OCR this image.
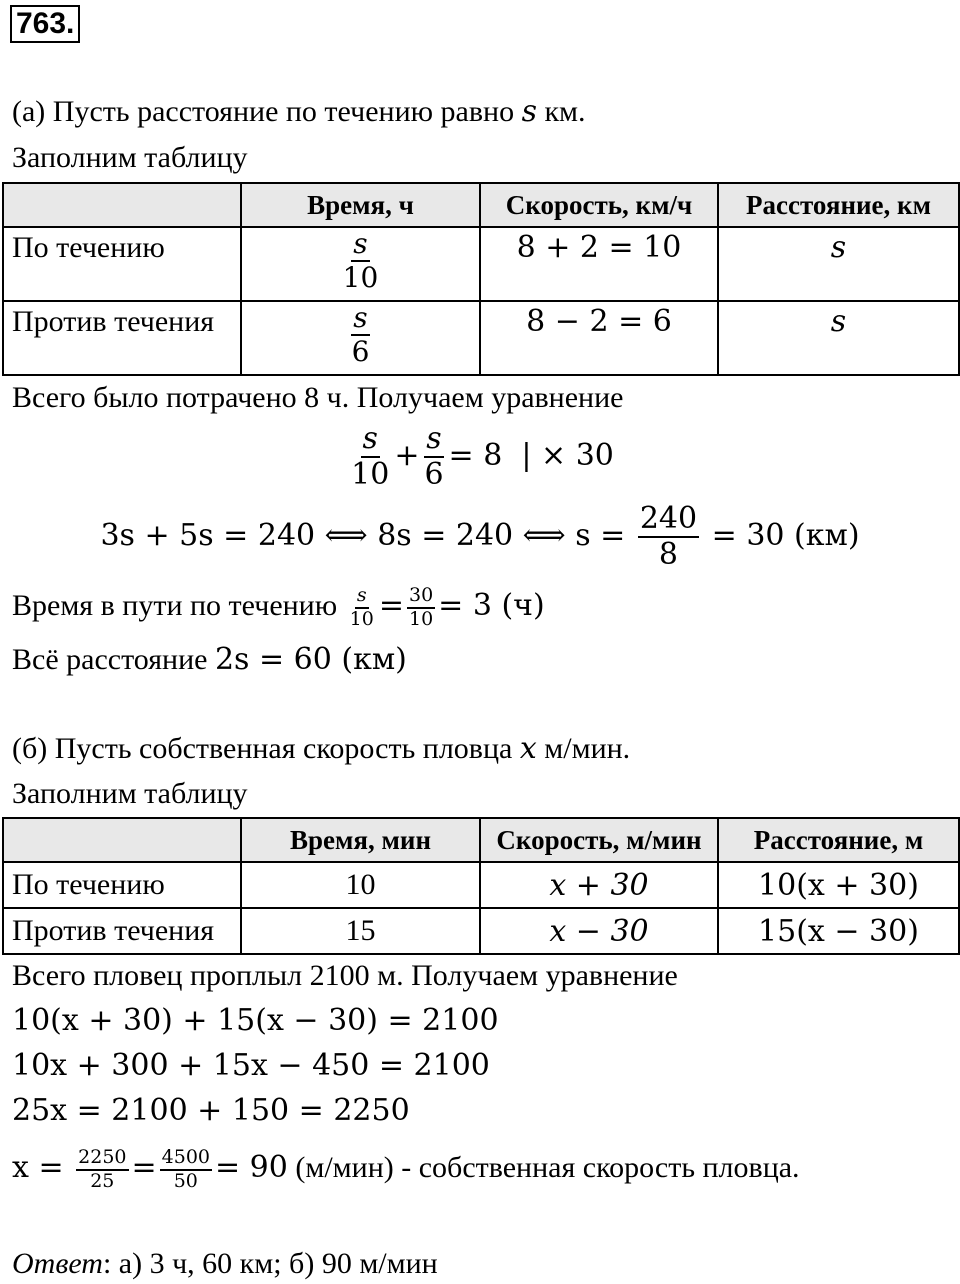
763.
(а) Пусть расстояние по течению равно s км.
Заполним таблицу
	Время, ч	Скорость, км/ч	Расстояние, км

По течению	$\frac{s}{10}$	8 + 2 = 10	s

Против течения	$\frac{s}{6}$	8 − 2 = 6	s
Всего было потрачено 8 ч. Получаем уравнение
$\frac{s}{10} + \frac{s}{6} = 8$  | × 30
3s + 5s = 240 ⟺ 8s = 240 ⟺ $s = \frac{240}{8} = 30$ (км)
Время в пути по течению $\frac{s}{10} = \frac{30}{10} = 3$ (ч)
Всё расстояние 2s = 60 (км)
(б) Пусть собственная скорость пловца x м/мин.
Заполним таблицу
	Время, мин	Скорость, м/мин	Расстояние, м
По течению	10	x + 30	10(x + 30)
Против течения	15	x − 30	15(x − 30)
Всего пловец проплыл 2100 м. Получаем уравнение
10(x + 30) + 15(x − 30) = 2100
10x + 300 + 15x − 450 = 2100
25x = 2100 + 150 = 2250
$x = \frac{2250}{25} = \frac{4500}{50} = 90$ (м/мин) - собственная скорость пловца.
Ответ: а) 3 ч, 60 км; б) 90 м/мин
